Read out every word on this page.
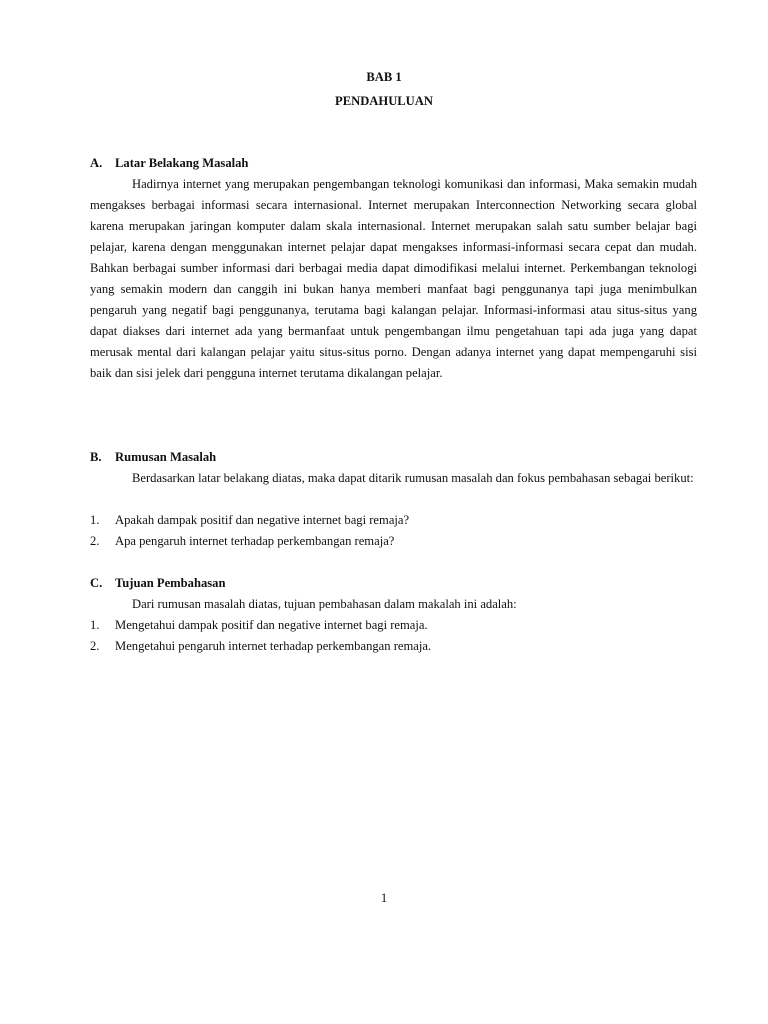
BAB 1
PENDAHULUAN
A. Latar Belakang Masalah

Hadirnya internet yang merupakan pengembangan teknologi komunikasi dan informasi, Maka semakin mudah mengakses berbagai informasi secara internasional. Internet merupakan Interconnection Networking secara global karena merupakan jaringan komputer dalam skala internasional. Internet merupakan salah satu sumber belajar bagi pelajar, karena dengan menggunakan internet pelajar dapat mengakses informasi-informasi secara cepat dan mudah. Bahkan berbagai sumber informasi dari berbagai media dapat dimodifikasi melalui internet. Perkembangan teknologi yang semakin modern dan canggih ini bukan hanya memberi manfaat bagi penggunanya tapi juga menimbulkan pengaruh yang negatif bagi penggunanya, terutama bagi kalangan pelajar. Informasi-informasi atau situs-situs yang dapat diakses dari internet ada yang bermanfaat untuk pengembangan ilmu pengetahuan tapi ada juga yang dapat merusak mental dari kalangan pelajar yaitu situs-situs porno. Dengan adanya internet yang dapat mempengaruhi sisi baik dan sisi jelek dari pengguna internet terutama dikalangan pelajar.

B. Rumusan Masalah

Berdasarkan latar belakang diatas, maka dapat ditarik rumusan masalah dan fokus pembahasan sebagai berikut:

1. Apakah dampak positif dan negative internet bagi remaja?
2. Apa pengaruh internet terhadap perkembangan remaja?
C. Tujuan Pembahasan

Dari rumusan masalah diatas, tujuan pembahasan dalam makalah ini adalah:

1. Mengetahui dampak positif dan negative internet bagi remaja.
2. Mengetahui pengaruh internet terhadap perkembangan remaja.

1
